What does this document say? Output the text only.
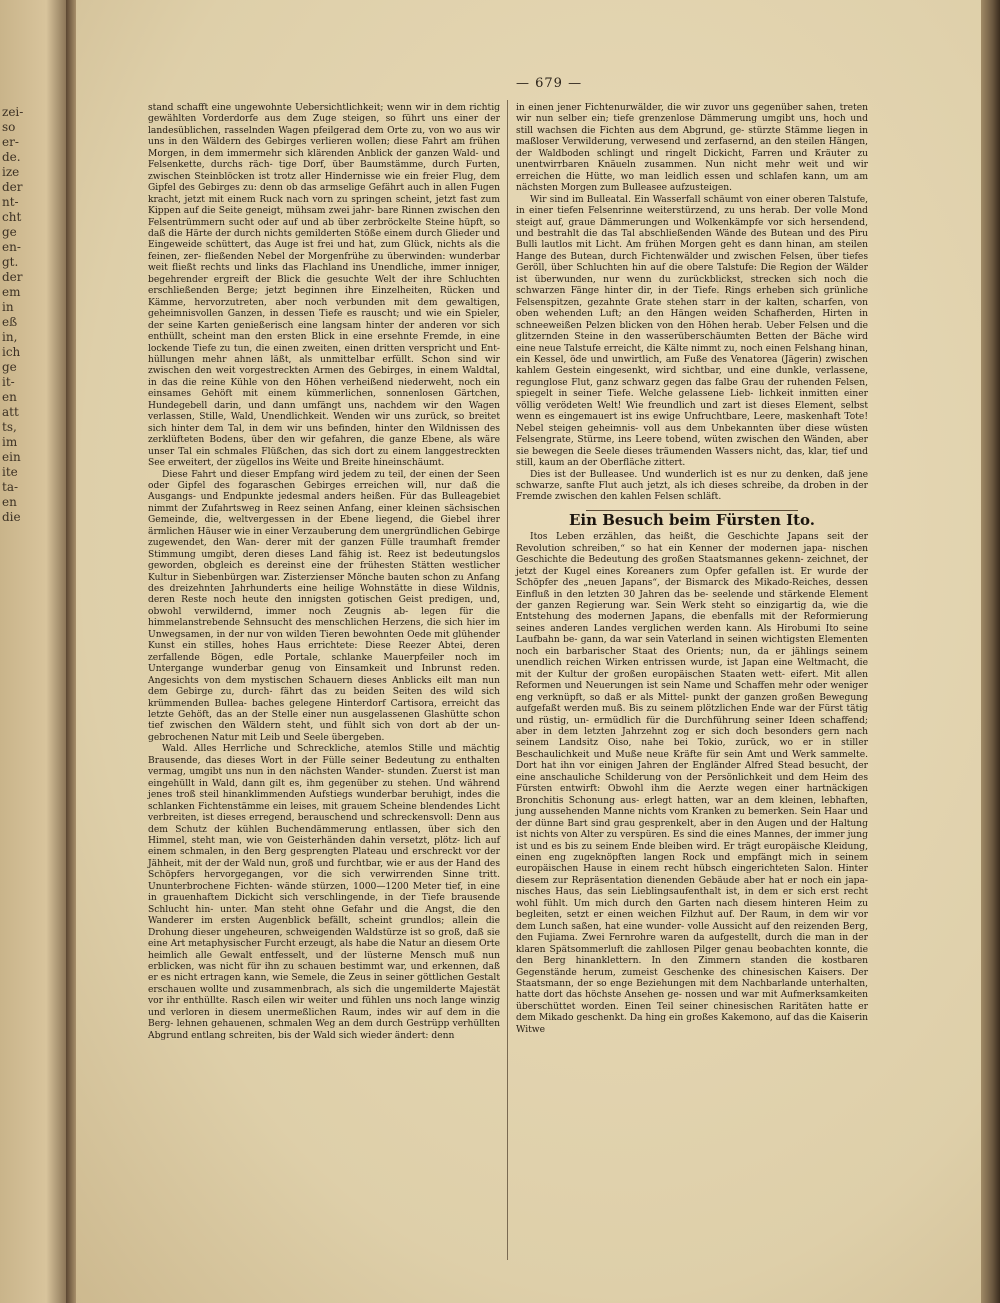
zei-
so
er-
de.
ize
der
nt-
cht
ge
en-
gt.
der
em
in
eß
in,
ich
ge
it-
en
att
ts,
im
ein
ite
ta-
en
die
— 679 —

stand schafft eine ungewohnte Uebersichtlichkeit; wenn wir in dem richtig gewählten Vorderdorfe aus dem Zuge steigen, so führt uns einer der landesüblichen, rasselnden Wagen pfeilgerad dem Orte zu, von wo aus wir uns in den Wäldern des Gebirges verlieren wollen; diese Fahrt am frühen Morgen, in dem immermehr sich klärenden Anblick der ganzen Wald- und Felsenkette, durchs räch- tige Dorf, über Baumstämme, durch Furten, zwischen Steinblöcken ist trotz aller Hindernisse wie ein freier Flug, dem Gipfel des Gebirges zu: denn ob das armselige Gefährt auch in allen Fugen kracht, jetzt mit einem Ruck nach vorn zu springen scheint, jetzt fast zum Kippen auf die Seite geneigt, mühsam zwei jahr- bare Rinnen zwischen den Felsentrümmern sucht oder auf und ab über zerbröckelte Steine hüpft, so daß die Härte der durch nichts gemilderten Stöße einem durch Glieder und Eingeweide schüttert, das Auge ist frei und hat, zum Glück, nichts als die feinen, zer- fließenden Nebel der Morgenfrühe zu überwinden: wunderbar weit fließt rechts und links das Flachland ins Unendliche, immer inniger, begehrender ergreift der Blick die gesuchte Welt der ihre Schluchten erschließenden Berge; jetzt beginnen ihre Einzelheiten, Rücken und Kämme, hervorzutreten, aber noch verbunden mit dem gewaltigen, geheimnisvollen Ganzen, in dessen Tiefe es rauscht; und wie ein Spieler, der seine Karten genießerisch eine langsam hinter der anderen vor sich enthüllt, scheint man den ersten Blick in eine ersehnte Fremde, in eine lockende Tiefe zu tun, die einen zweiten, einen dritten verspricht und Ent- hüllungen mehr ahnen läßt, als unmittelbar erfüllt. Schon sind wir zwischen den weit vorgestreckten Armen des Gebirges, in einem Waldtal, in das die reine Kühle von den Höhen verheißend niederweht, noch ein einsames Gehöft mit einem kümmerlichen, sonnenlosen Gärtchen, Hundegebell darin, und dann umfängt uns, nachdem wir den Wagen verlassen, Stille, Wald, Unendlichkeit. Wenden wir uns zurück, so breitet sich hinter dem Tal, in dem wir uns befinden, hinter den Wildnissen des zerklüfteten Bodens, über den wir gefahren, die ganze Ebene, als wäre unser Tal ein schmales Flüßchen, das sich dort zu einem langgestreckten See erweitert, der zügellos ins Weite und Breite hineinschäumt.

Diese Fahrt und dieser Empfang wird jedem zu teil, der einen der Seen oder Gipfel des fogaraschen Gebirges erreichen will, nur daß die Ausgangs- und Endpunkte jedesmal anders heißen. Für das Bulleagebiet nimmt der Zufahrtsweg in Reez seinen Anfang, einer kleinen sächsischen Gemeinde, die, weltvergessen in der Ebene liegend, die Giebel ihrer ärmlichen Häuser wie in einer Verzauberung dem unergründlichen Gebirge zugewendet, den Wan- derer mit der ganzen Fülle traumhaft fremder Stimmung umgibt, deren dieses Land fähig ist. Reez ist bedeutungslos geworden, obgleich es dereinst eine der frühesten Stätten westlicher Kultur in Siebenbürgen war. Zisterzienser Mönche bauten schon zu Anfang des dreizehnten Jahrhunderts eine heilige Wohnstätte in diese Wildnis, deren Reste noch heute den innigsten gotischen Geist predigen, und, obwohl verwildernd, immer noch Zeugnis ab- legen für die himmelanstrebende Sehnsucht des menschlichen Herzens, die sich hier im Unwegsamen, in der nur von wilden Tieren bewohnten Oede mit glühender Kunst ein stilles, hohes Haus errichtete: Diese Reezer Abtei, deren zerfallende Bögen, edle Portale, schlanke Mauerpfeiler noch im Untergange wunderbar genug von Einsamkeit und Inbrunst reden. Angesichts von dem mystischen Schauern dieses Anblicks eilt man nun dem Gebirge zu, durch- fährt das zu beiden Seiten des wild sich krümmenden Bullea- baches gelegene Hinterdorf Cartisora, erreicht das letzte Gehöft, das an der Stelle einer nun ausgelassenen Glashütte schon tief zwischen den Wäldern steht, und fühlt sich von dort ab der un- gebrochenen Natur mit Leib und Seele übergeben.

Wald. Alles Herrliche und Schreckliche, atemlos Stille und mächtig Brausende, das dieses Wort in der Fülle seiner Bedeutung zu enthalten vermag, umgibt uns nun in den nächsten Wander- stunden. Zuerst ist man eingehüllt in Wald, dann gilt es, ihm gegenüber zu stehen. Und während jenes troß steil hinanklimmenden Aufstiegs wunderbar beruhigt, indes die schlanken Fichtenstämme ein leises, mit grauem Scheine blendendes Licht verbreiten, ist dieses erregend, berauschend und schreckensvoll: Denn aus dem Schutz der kühlen Buchendämmerung entlassen, über sich den Himmel, steht man, wie von Geisterhänden dahin versetzt, plötz- lich auf einem schmalen, in den Berg gesprengten Plateau und erschreckt vor der Jähheit, mit der der Wald nun, groß und furchtbar, wie er aus der Hand des Schöpfers hervorgegangen, vor die sich verwirrenden Sinne tritt. Ununterbrochene Fichten- wände stürzen, 1000—1200 Meter tief, in eine in grauenhaftem Dickicht sich verschlingende, in der Tiefe brausende Schlucht hin- unter. Man steht ohne Gefahr und die Angst, die den Wanderer im ersten Augenblick befällt, scheint grundlos; allein die Drohung dieser ungeheuren, schweigenden Waldstürze ist so groß, daß sie eine Art metaphysischer Furcht erzeugt, als habe die Natur an diesem Orte heimlich alle Gewalt entfesselt, und der lüsterne Mensch muß nun erblicken, was nicht für ihn zu schauen bestimmt war, und erkennen, daß er es nicht ertragen kann, wie Semele, die Zeus in seiner göttlichen Gestalt erschauen wollte und zusammenbrach, als sich die ungemilderte Majestät vor ihr enthüllte. Rasch eilen wir weiter und fühlen uns noch lange winzig und verloren in diesem unermeßlichen Raum, indes wir auf dem in die Berg- lehnen gehauenen, schmalen Weg an dem durch Gestrüpp verhüllten Abgrund entlang schreiten, bis der Wald sich wieder ändert: denn

in einen jener Fichtenurwälder, die wir zuvor uns gegenüber sahen, treten wir nun selber ein; tiefe grenzenlose Dämmerung umgibt uns, hoch und still wachsen die Fichten aus dem Abgrund, ge- stürzte Stämme liegen in maßloser Verwilderung, verwesend und zerfasernd, an den steilen Hängen, der Waldboden schlingt und ringelt Dickicht, Farren und Kräuter zu unentwirrbaren Knäueln zusammen. Nun nicht mehr weit und wir erreichen die Hütte, wo man leidlich essen und schlafen kann, um am nächsten Morgen zum Bulleasee aufzusteigen.

Wir sind im Bulleatal. Ein Wasserfall schäumt von einer oberen Talstufe, in einer tiefen Felsenrinne weiterstürzend, zu uns herab. Der volle Mond steigt auf, graue Dämmerungen und Wolkenkämpfe vor sich hersendend, und bestrahlt die das Tal abschließenden Wände des Butean und des Piru Bulli lautlos mit Licht. Am frühen Morgen geht es dann hinan, am steilen Hange des Butean, durch Fichtenwälder und zwischen Felsen, über tiefes Geröll, über Schluchten hin auf die obere Talstufe: Die Region der Wälder ist überwunden, nur wenn du zurückblickst, strecken sich noch die schwarzen Fänge hinter dir, in der Tiefe. Rings erheben sich grünliche Felsenspitzen, gezahnte Grate stehen starr in der kalten, scharfen, von oben wehenden Luft; an den Hängen weiden Schafherden, Hirten in schneeweißen Pelzen blicken von den Höhen herab. Ueber Felsen und die glitzernden Steine in den wasserüberschäumten Betten der Bäche wird eine neue Talstufe erreicht, die Kälte nimmt zu, noch einen Felshang hinan, ein Kessel, öde und unwirtlich, am Fuße des Venatorea (Jägerin) zwischen kahlem Gestein eingesenkt, wird sichtbar, und eine dunkle, verlassene, regunglose Flut, ganz schwarz gegen das falbe Grau der ruhenden Felsen, spiegelt in seiner Tiefe. Welche gelassene Lieb- lichkeit inmitten einer völlig verödeten Welt! Wie freundlich und zart ist dieses Element, selbst wenn es eingemauert ist ins ewige Unfruchtbare, Leere, maskenhaft Tote! Nebel steigen geheimnis- voll aus dem Unbekannten über diese wüsten Felsengrate, Stürme, ins Leere tobend, wüten zwischen den Wänden, aber sie bewegen die Seele dieses träumenden Wassers nicht, das, klar, tief und still, kaum an der Oberfläche zittert.

Dies ist der Bulleasee. Und wunderlich ist es nur zu denken, daß jene schwarze, sanfte Flut auch jetzt, als ich dieses schreibe, da droben in der Fremde zwischen den kahlen Felsen schläft.

Ein Besuch beim Fürsten Ito.

Itos Leben erzählen, das heißt, die Geschichte Japans seit der Revolution schreiben,“ so hat ein Kenner der modernen japa- nischen Geschichte die Bedeutung des großen Staatsmannes gekenn- zeichnet, der jetzt der Kugel eines Koreaners zum Opfer gefallen ist. Er wurde der Schöpfer des „neuen Japans“, der Bismarck des Mikado-Reiches, dessen Einfluß in den letzten 30 Jahren das be- seelende und stärkende Element der ganzen Regierung war. Sein Werk steht so einzigartig da, wie die Entstehung des modernen Japans, die ebenfalls mit der Reformierung seines anderen Landes verglichen werden kann. Als Hirobumi Ito seine Laufbahn be- gann, da war sein Vaterland in seinen wichtigsten Elementen noch ein barbarischer Staat des Orients; nun, da er jählings seinem unendlich reichen Wirken entrissen wurde, ist Japan eine Weltmacht, die mit der Kultur der großen europäischen Staaten wett- eifert. Mit allen Reformen und Neuerungen ist sein Name und Schaffen mehr oder weniger eng verknüpft, so daß er als Mittel- punkt der ganzen großen Bewegung aufgefaßt werden muß. Bis zu seinem plötzlichen Ende war der Fürst tätig und rüstig, un- ermüdlich für die Durchführung seiner Ideen schaffend; aber in dem letzten Jahrzehnt zog er sich doch besonders gern nach seinem Landsitz Oiso, nahe bei Tokio, zurück, wo er in stiller Beschaulichkeit und Muße neue Kräfte für sein Amt und Werk sammelte. Dort hat ihn vor einigen Jahren der Engländer Alfred Stead besucht, der eine anschauliche Schilderung von der Persönlichkeit und dem Heim des Fürsten entwirft: Obwohl ihm die Aerzte wegen einer hartnäckigen Bronchitis Schonung aus- erlegt hatten, war an dem kleinen, lebhaften, jung aussehenden Manne nichts vom Kranken zu bemerken. Sein Haar und der dünne Bart sind grau gesprenkelt, aber in den Augen und der Haltung ist nichts von Alter zu verspüren. Es sind die eines Mannes, der immer jung ist und es bis zu seinem Ende bleiben wird. Er trägt europäische Kleidung, einen eng zugeknöpften langen Rock und empfängt mich in seinem europäischen Hause in einem recht hübsch eingerichteten Salon. Hinter diesem zur Repräsentation dienenden Gebäude aber hat er noch ein japa- nisches Haus, das sein Lieblingsaufenthalt ist, in dem er sich erst recht wohl fühlt. Um mich durch den Garten nach diesem hinteren Heim zu begleiten, setzt er einen weichen Filzhut auf. Der Raum, in dem wir vor dem Lunch saßen, hat eine wunder- volle Aussicht auf den reizenden Berg, den Fujiama. Zwei Fernrohre waren da aufgestellt, durch die man in der klaren Spätsommerluft die zahllosen Pilger genau beobachten konnte, die den Berg hinanklettern. In den Zimmern standen die kostbaren Gegenstände herum, zumeist Geschenke des chinesischen Kaisers. Der Staatsmann, der so enge Beziehungen mit dem Nachbarlande unterhalten, hatte dort das höchste Ansehen ge- nossen und war mit Aufmerksamkeiten überschüttet worden. Einen Teil seiner chinesischen Raritäten hatte er dem Mikado geschenkt. Da hing ein großes Kakemono, auf das die Kaiserin Witwe
